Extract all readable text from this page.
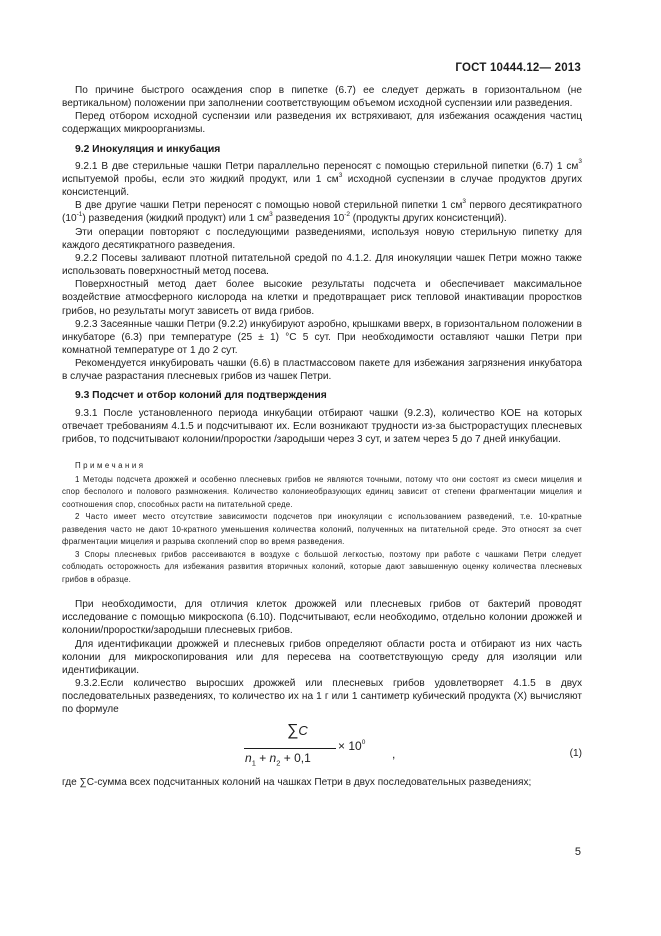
ГОСТ 10444.12— 2013

По причине быстрого осаждения спор в пипетке (6.7) ее следует держать в горизонтальном (не вертикальном) положении при заполнении соответствующим объемом исходной суспензии или разведения.

Перед отбором исходной суспензии или разведения их встряхивают, для избежания осаждения частиц содержащих микроорганизмы.

9.2 Инокуляция и инкубация

9.2.1 В две стерильные чашки Петри параллельно переносят с помощью стерильной пипетки (6.7) 1 $см^3$ испытуемой пробы, если это жидкий продукт, или 1 $см^3$ исходной суспензии в случае продуктов других консистенций.

В две другие чашки Петри переносят с помощью новой стерильной пипетки 1 $см^3$ первого десятикратного $(10^{-1})$ разведения (жидкий продукт) или 1 $см^3$ разведения $10^{-2}$ (продукты других консистенций).

Эти операции повторяют с последующими разведениями, используя новую стерильную пипетку для каждого десятикратного разведения.

9.2.2 Посевы заливают плотной питательной средой по 4.1.2. Для инокуляции чашек Петри можно также использовать поверхностный метод посева.

Поверхностный метод дает более высокие результаты подсчета и обеспечивает максимальное воздействие атмосферного кислорода на клетки и предотвращает риск тепловой инактивации проростков грибов, но результаты могут зависеть от вида грибов.

9.2.3 Засеянные чашки Петри (9.2.2) инкубируют аэробно, крышками вверх, в горизонтальном положении в инкубаторе (6.3) при температуре (25 ± 1) °С 5 сут. При необходимости оставляют чашки Петри при комнатной температуре от 1 до 2 сут.

Рекомендуется инкубировать чашки (6.6) в пластмассовом пакете для избежания загрязнения инкубатора в случае разрастания плесневых грибов из чашек Петри.

9.3 Подсчет и отбор колоний для подтверждения

9.3.1 После установленного периода инкубации отбирают чашки (9.2.3), количество КОЕ на которых отвечает требованиям 4.1.5 и подсчитывают их. Если возникают трудности из-за быстрорастущих плесневых грибов, то подсчитывают колонии/проростки /зародыши через 3 сут, и затем через 5 до 7 дней инкубации.

Примечания

1 Методы подсчета дрожжей и особенно плесневых грибов не являются точными, потому что они состоят из смеси мицелия и спор бесполого и полового размножения. Количество колониеобразующих единиц зависит от степени фрагментации мицелия и соотношения спор, способных расти на питательной среде.

2 Часто имеет место отсутствие зависимости подсчетов при инокуляции с использованием разведений, т.е. 10-кратные разведения часто не дают 10-кратного уменьшения количества колоний, полученных на питательной среде. Это относят за счет фрагментации мицелия и разрыва скоплений спор во время разведения.

3 Споры плесневых грибов рассеиваются в воздухе с большой легкостью, поэтому при работе с чашками Петри следует соблюдать осторожность для избежания развития вторичных колоний, которые дают завышенную оценку количества плесневых грибов в образце.

При необходимости, для отличия клеток дрожжей или плесневых грибов от бактерий проводят исследование с помощью микроскопа (6.10). Подсчитывают, если необходимо, отдельно колонии дрожжей и колонии/проростки/зародыши плесневых грибов.

Для идентификации дрожжей и плесневых грибов определяют области роста и отбирают из них часть колонии для микроскопирования или для пересева на соответствующую среду для изоляции или идентификации.

9.3.2.Если количество выросших дрожжей или плесневых грибов удовлетворяет 4.1.5 в двух последовательных разведениях, то количество их на 1 г или 1 сантиметр кубический продукта (Х) вычисляют по формуле

∑C
$n_1 + n_2 + 0,1$
× $10^0$
,	(1)

где ∑С-сумма всех подсчитанных колоний на чашках Петри в двух последовательных разведениях;

5
